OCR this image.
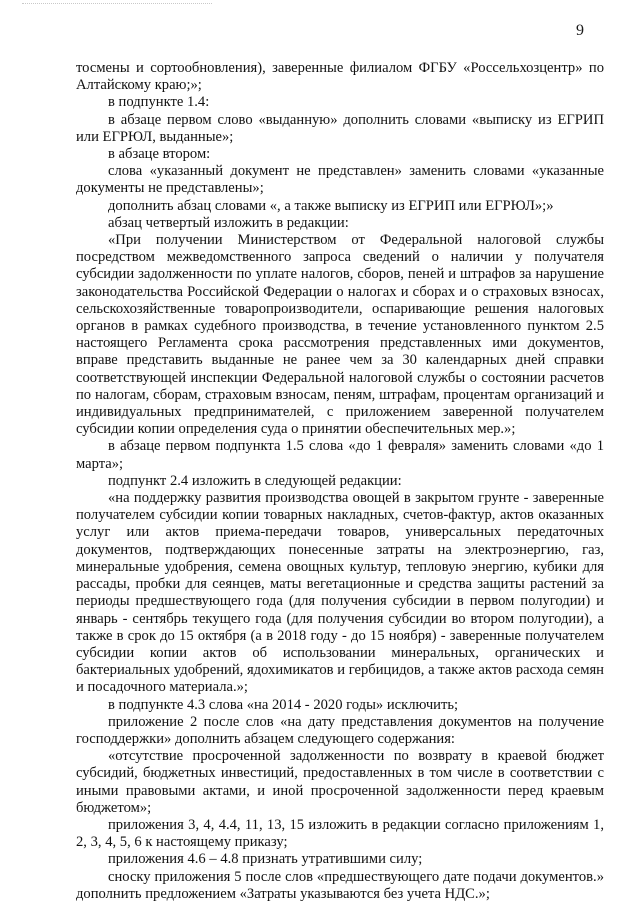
9

тосмены и сортообновления), заверенные филиалом ФГБУ «Россельхозцентр» по Алтайскому краю;»;

в подпункте 1.4:

в абзаце первом слово «выданную» дополнить словами «выписку из ЕГРИП или ЕГРЮЛ, выданные»;

в абзаце втором:

слова «указанный документ не представлен» заменить словами «указанные документы не представлены»;

дополнить абзац словами «, а также выписку из ЕГРИП или ЕГРЮЛ»;»

абзац четвертый изложить в редакции:

«При получении Министерством от Федеральной налоговой службы посредством межведомственного запроса сведений о наличии у получателя субсидии задолженности по уплате налогов, сборов, пеней и штрафов за нарушение законодательства Российской Федерации о налогах и сборах и о страховых взносах, сельскохозяйственные товаропроизводители, оспаривающие решения налоговых органов в рамках судебного производства, в течение установленного пунктом 2.5 настоящего Регламента срока рассмотрения представленных ими документов, вправе представить выданные не ранее чем за 30 календарных дней справки соответствующей инспекции Федеральной налоговой службы о состоянии расчетов по налогам, сборам, страховым взносам, пеням, штрафам, процентам организаций и индивидуальных предпринимателей, с приложением заверенной получателем субсидии копии определения суда о принятии обеспечительных мер.»;

в абзаце первом подпункта 1.5 слова «до 1 февраля» заменить словами «до 1 марта»;

подпункт 2.4 изложить в следующей редакции:

«на поддержку развития производства овощей в закрытом грунте - заверенные получателем субсидии копии товарных накладных, счетов-фактур, актов оказанных услуг или актов приема-передачи товаров, универсальных передаточных документов, подтверждающих понесенные затраты на электроэнергию, газ, минеральные удобрения, семена овощных культур, тепловую энергию, кубики для рассады, пробки для сеянцев, маты вегетационные и средства защиты растений за периоды предшествующего года (для получения субсидии в первом полугодии) и январь - сентябрь текущего года (для получения субсидии во втором полугодии), а также в срок до 15 октября (а в 2018 году - до 15 ноября) - заверенные получателем субсидии копии актов об использовании минеральных, органических и бактериальных удобрений, ядохимикатов и гербицидов, а также актов расхода семян и посадочного материала.»;

в подпункте 4.3 слова «на 2014 - 2020 годы» исключить;

приложение 2 после слов «на дату представления документов на получение господдержки» дополнить абзацем следующего содержания:

«отсутствие просроченной задолженности по возврату в краевой бюджет субсидий, бюджетных инвестиций, предоставленных в том числе в соответствии с иными правовыми актами, и иной просроченной задолженности перед краевым бюджетом»;

приложения 3, 4, 4.4, 11, 13, 15 изложить в редакции согласно приложениям 1, 2, 3, 4, 5, 6 к настоящему приказу;

приложения 4.6 – 4.8 признать утратившими силу;

сноску приложения 5 после слов «предшествующего дате подачи документов.» дополнить предложением «Затраты указываются без учета НДС.»;
